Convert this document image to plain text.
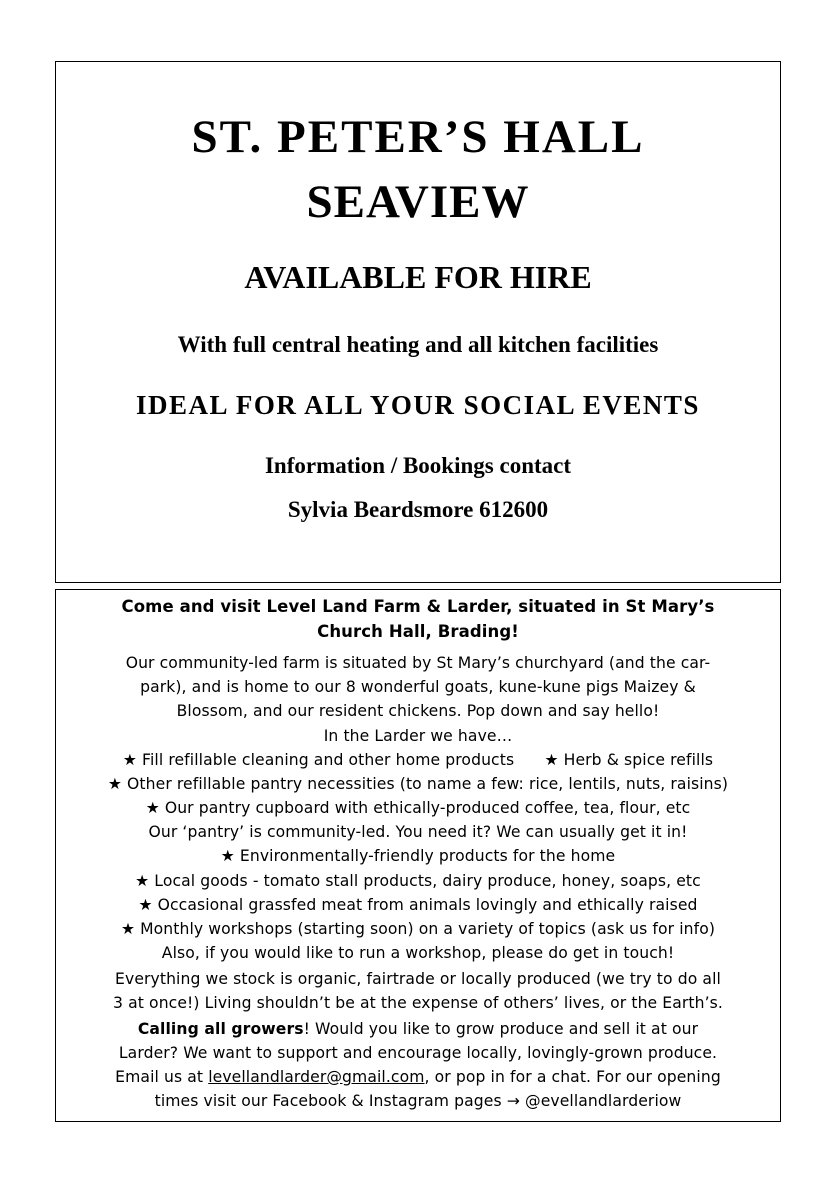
ST. PETER’S HALL
SEAVIEW
AVAILABLE FOR HIRE
With full central heating and all kitchen facilities
IDEAL FOR ALL YOUR SOCIAL EVENTS
Information / Bookings contact
Sylvia Beardsmore 612600
Come and visit Level Land Farm & Larder, situated in St Mary’s
Church Hall, Brading!
Our community-led farm is situated by St Mary’s churchyard (and the car-
park), and is home to our 8 wonderful goats, kune-kune pigs Maizey &
Blossom, and our resident chickens. Pop down and say hello!
In the Larder we have…
★ Fill refillable cleaning and other home products      ★ Herb & spice refills
★ Other refillable pantry necessities (to name a few: rice, lentils, nuts, raisins)
★ Our pantry cupboard with ethically-produced coffee, tea, flour, etc
Our ‘pantry’ is community-led. You need it? We can usually get it in!
★ Environmentally-friendly products for the home
★ Local goods - tomato stall products, dairy produce, honey, soaps, etc
★ Occasional grassfed meat from animals lovingly and ethically raised
★ Monthly workshops (starting soon) on a variety of topics (ask us for info)
Also, if you would like to run a workshop, please do get in touch!
Everything we stock is organic, fairtrade or locally produced (we try to do all
3 at once!) Living shouldn’t be at the expense of others’ lives, or the Earth’s.
Calling all growers! Would you like to grow produce and sell it at our
Larder? We want to support and encourage locally, lovingly-grown produce.
Email us at levellandlarder@gmail.com, or pop in for a chat. For our opening
times visit our Facebook & Instagram pages → @evellandlarderiow
